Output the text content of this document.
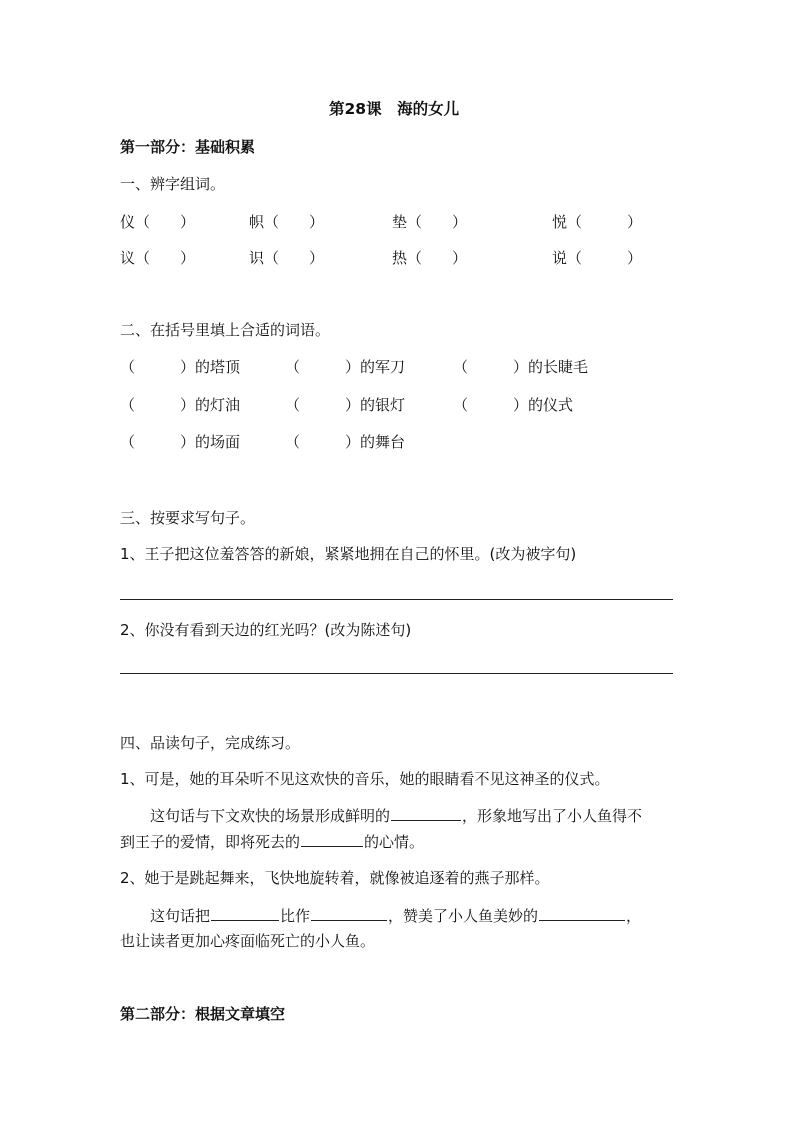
第28课　海的女儿
第一部分：基础积累
一、辨字组词。
仪（　　）	帜（　　）	垫（　　）	悦（　　　）
议（　　）	识（　　）	热（　　）	说（　　　）
二、在括号里填上合适的词语。
（　　　）的塔顶	（　　　）的军刀	（　　　）的长睫毛
（　　　）的灯油	（　　　）的银灯	（　　　）的仪式
（　　　）的场面	（　　　）的舞台
三、按要求写句子。
1、王子把这位羞答答的新娘，紧紧地拥在自己的怀里。(改为被字句)
2、你没有看到天边的红光吗？(改为陈述句)
四、品读句子，完成练习。
1、可是，她的耳朵听不见这欢快的音乐，她的眼睛看不见这神圣的仪式。
这句话与下文欢快的场景形成鲜明的	，形象地写出了小人鱼得不
到王子的爱情，即将死去的	的心情。
2、她于是跳起舞来，飞快地旋转着，就像被追逐着的燕子那样。
这句话把	比作	，赞美了小人鱼美妙的	，
也让读者更加心疼面临死亡的小人鱼。
第二部分：根据文章填空
